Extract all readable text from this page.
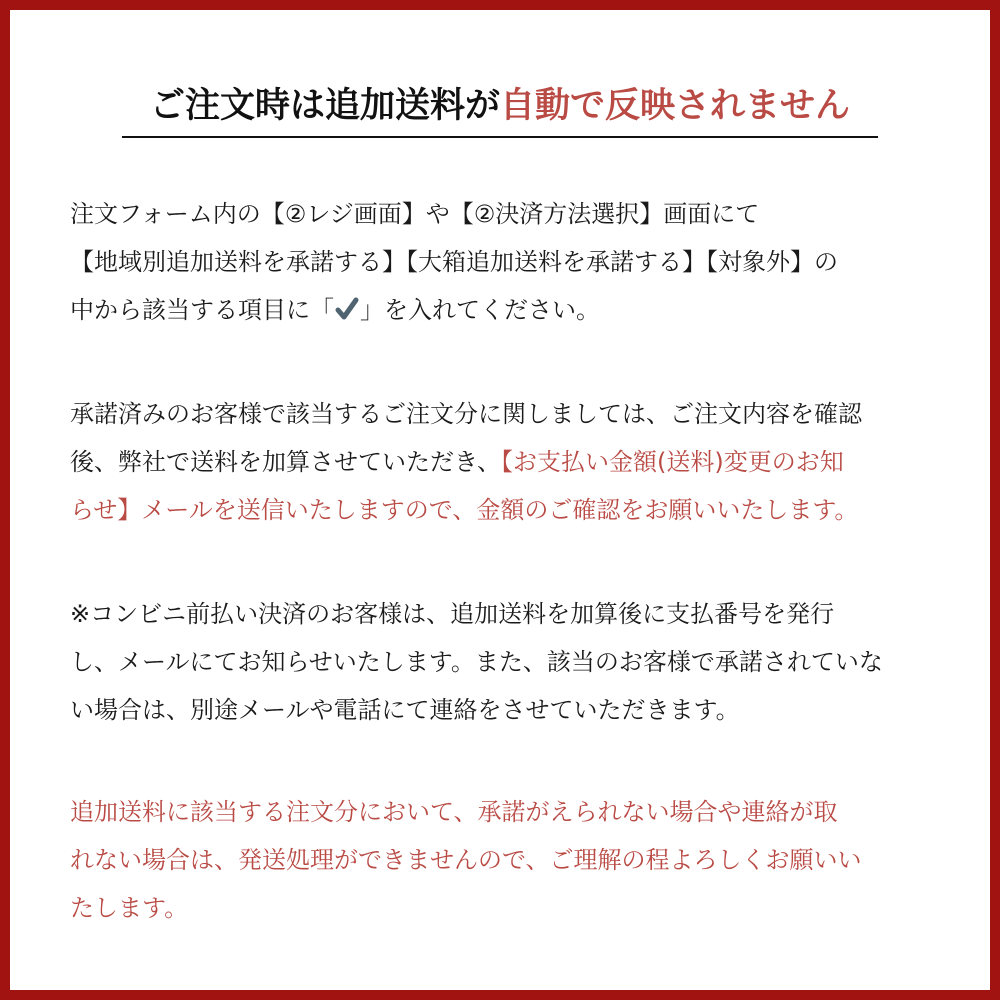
ご注文時は追加送料が自動で反映されません
注文フォーム内の【②レジ画面】や【②決済方法選択】画面にて
【地域別追加送料を承諾する】【大箱追加送料を承諾する】【対象外】の
中から該当する項目に「 」を入れてください。
承諾済みのお客様で該当するご注文分に関しましては、ご注文内容を確認
後、弊社で送料を加算させていただき、【お支払い金額(送料)変更のお知
らせ】メールを送信いたしますので、金額のご確認をお願いいたします。
※コンビニ前払い決済のお客様は、追加送料を加算後に支払番号を発行
し、メールにてお知らせいたします。また、該当のお客様で承諾されていな
い場合は、別途メールや電話にて連絡をさせていただきます。
追加送料に該当する注文分において、承諾がえられない場合や連絡が取
れない場合は、発送処理ができませんので、ご理解の程よろしくお願いい
たします。
